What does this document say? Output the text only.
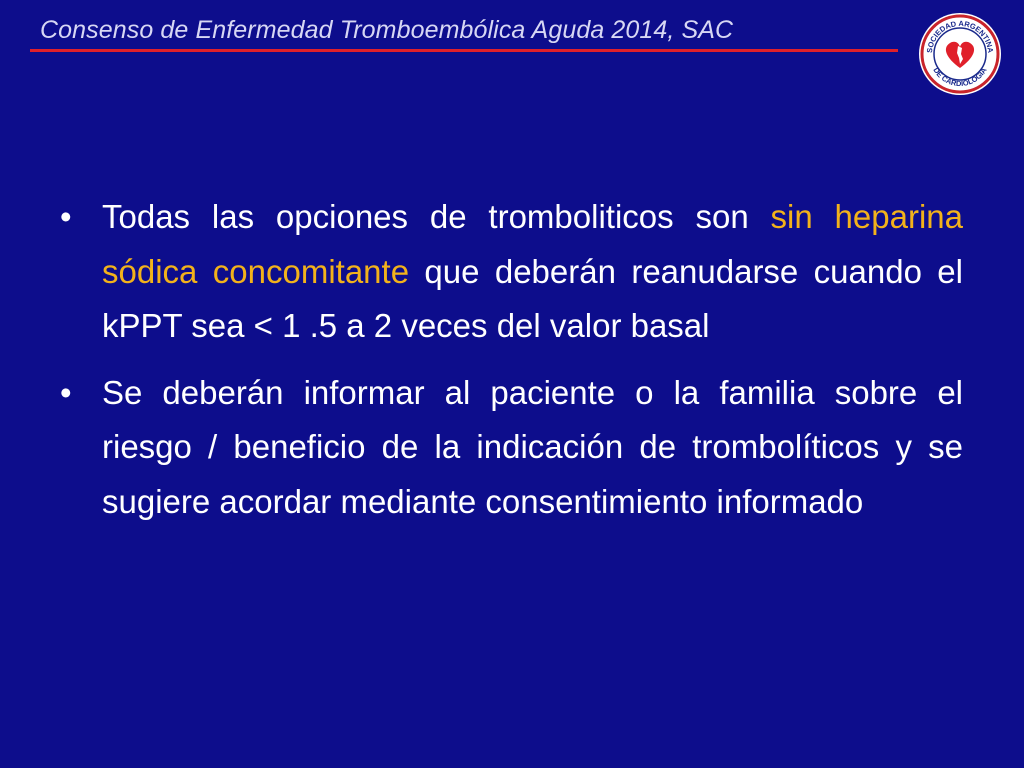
Consenso de Enfermedad Tromboembólica Aguda 2014, SAC
SOCIEDAD ARGENTINA
DE CARDIOLOGIA
• Todas las opciones de tromboliticos son sin heparina sódica concomitante que deberán reanudarse cuando el kPPT sea < 1 .5 a 2 veces del valor basal
• Se deberán informar al paciente o la familia sobre el riesgo / beneficio de la indicación de trombolíticos y se sugiere acordar mediante consentimiento informado
